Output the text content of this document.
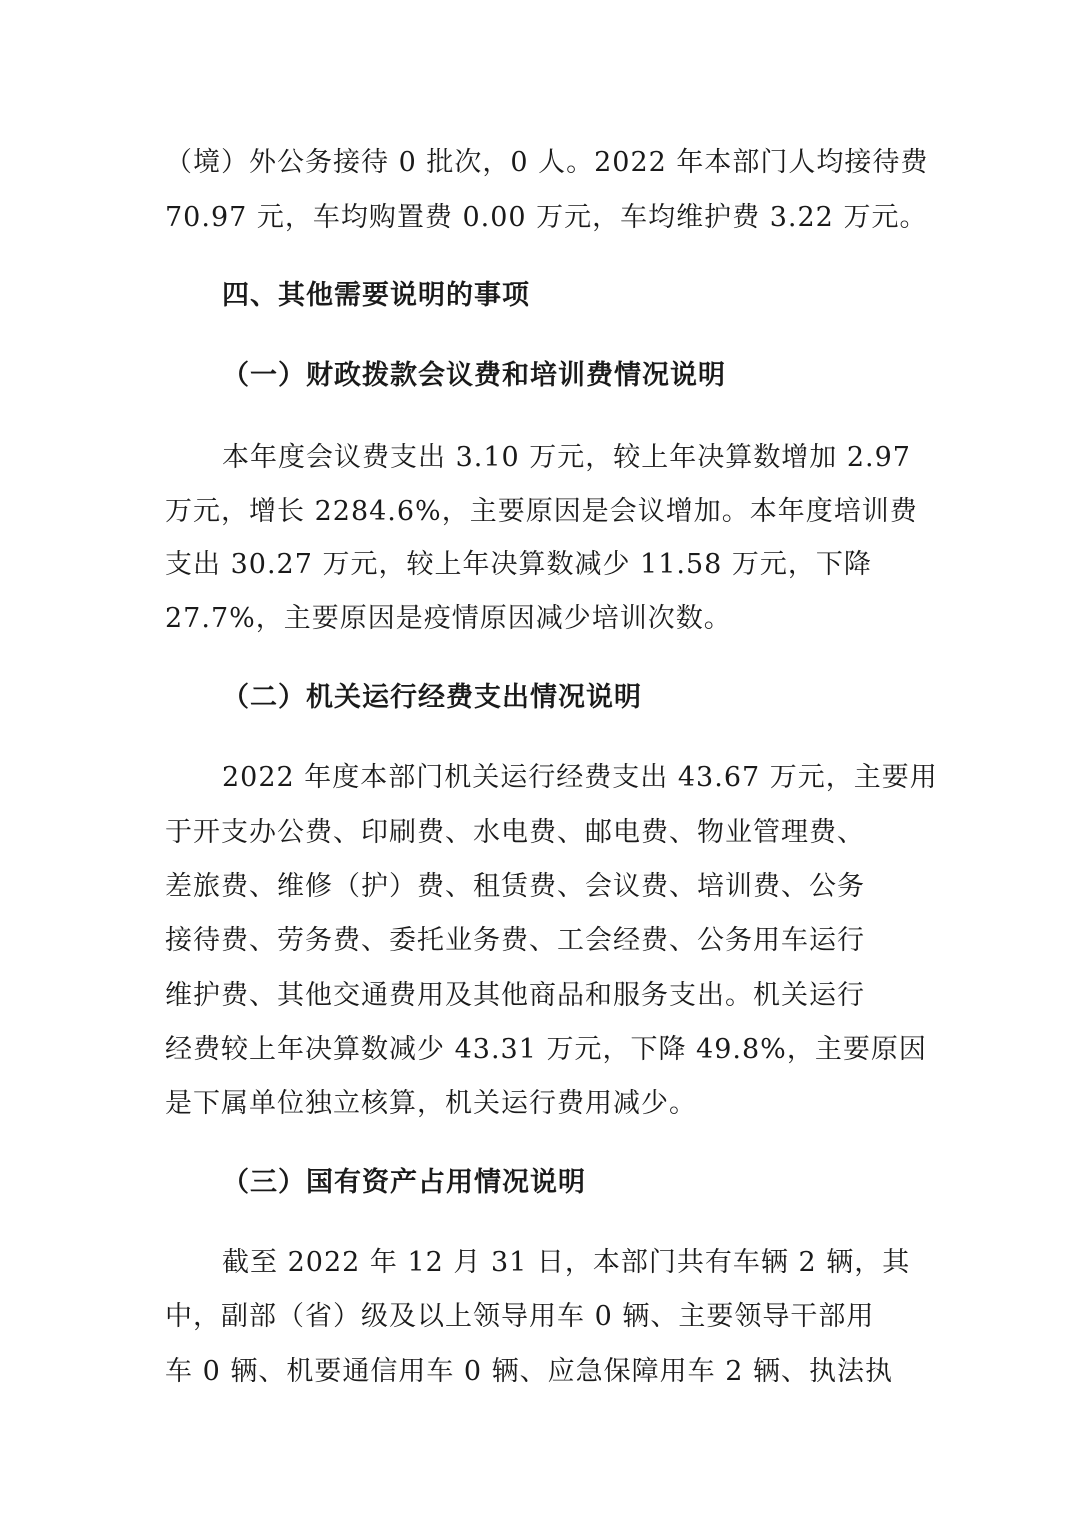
（境）外公务接待 0 批次，0 人。2022 年本部门人均接待费
70.97 元，车均购置费 0.00 万元，车均维护费 3.22 万元。
四、其他需要说明的事项
（一）财政拨款会议费和培训费情况说明
本年度会议费支出 3.10 万元，较上年决算数增加 2.97
万元，增长 2284.6%，主要原因是会议增加。本年度培训费
支出 30.27 万元，较上年决算数减少 11.58 万元，下降
27.7%，主要原因是疫情原因减少培训次数。
（二）机关运行经费支出情况说明
2022 年度本部门机关运行经费支出 43.67 万元，主要用
于开支办公费、印刷费、水电费、邮电费、物业管理费、
差旅费、维修（护）费、租赁费、会议费、培训费、公务
接待费、劳务费、委托业务费、工会经费、公务用车运行
维护费、其他交通费用及其他商品和服务支出。机关运行
经费较上年决算数减少 43.31 万元，下降 49.8%，主要原因
是下属单位独立核算，机关运行费用减少。
（三）国有资产占用情况说明
截至 2022 年 12 月 31 日，本部门共有车辆 2 辆，其
中，副部（省）级及以上领导用车 0 辆、主要领导干部用
车 0 辆、机要通信用车 0 辆、应急保障用车 2 辆、执法执
